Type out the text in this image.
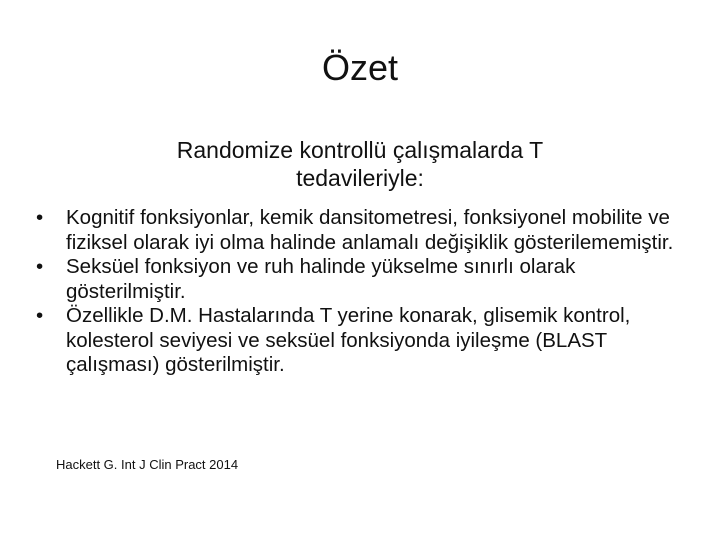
Özet
Randomize kontrollü çalışmalarda T
tedavileriyle:
•	Kognitif fonksiyonlar, kemik dansitometresi, fonksiyonel mobilite ve fiziksel olarak iyi olma halinde anlamalı değişiklik gösterilememiştir.
•	Seksüel fonksiyon ve ruh halinde yükselme sınırlı olarak gösterilmiştir.
•	Özellikle D.M. Hastalarında T yerine konarak, glisemik kontrol, kolesterol seviyesi ve seksüel fonksiyonda iyileşme (BLAST çalışması) gösterilmiştir.
Hackett G. Int J Clin Pract 2014
